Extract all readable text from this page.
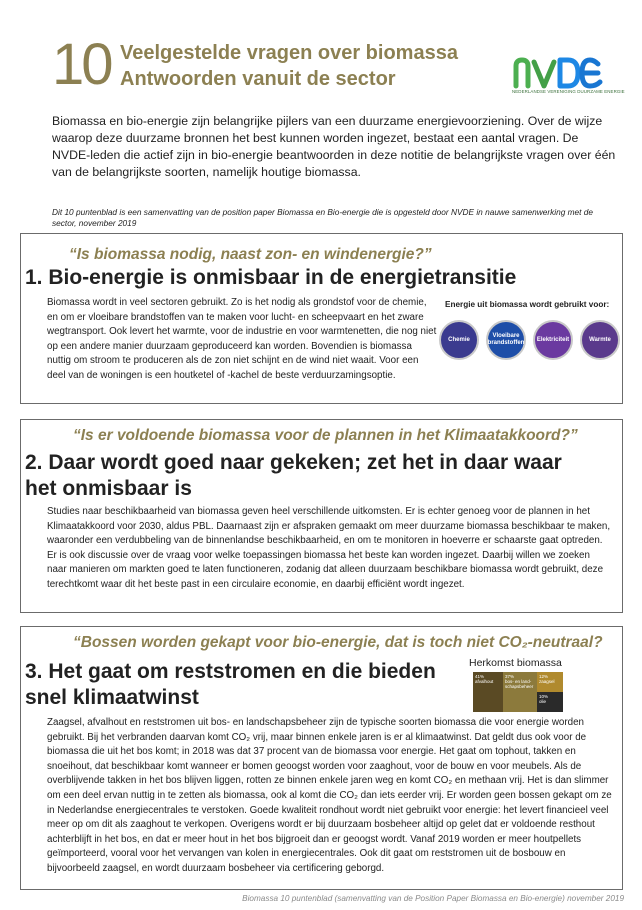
10 Veelgestelde vragen over biomassa
Antwoorden vanuit de sector
NEDERLANDSE VERENIGING DUURZAME ENERGIE

Biomassa en bio-energie zijn belangrijke pijlers van een duurzame energievoorziening. Over de wijze waarop deze duurzame bronnen het best kunnen worden ingezet, bestaat een aantal vragen. De NVDE-leden die actief zijn in bio-energie beantwoorden in deze notitie de belangrijkste vragen over één van de belangrijkste soorten, namelijk houtige biomassa.

Dit 10 puntenblad is een samenvatting van de position paper Biomassa en Bio-energie die is opgesteld door NVDE in nauwe samenwerking met de sector, november 2019

“Is biomassa nodig, naast zon- en windenergie?”
1. Bio-energie is onmisbaar in de energietransitie

Biomassa wordt in veel sectoren gebruikt. Zo is het nodig als grondstof voor de chemie, en om er vloeibare brandstoffen van te maken voor lucht- en scheepvaart en het zware wegtransport. Ook levert het warmte, voor de industrie en voor warmtenetten, die nog niet op een andere manier duurzaam geproduceerd kan worden. Bovendien is biomassa nuttig om stroom te produceren als de zon niet schijnt en de wind niet waait. Voor een deel van de woningen is een houtketel of -kachel de beste verduurzamingsoptie.

Energie uit biomassa wordt gebruikt voor:
Chemie
Vloeibare brandstoffen
Elektriciteit	Warmte
“Is er voldoende biomassa voor de plannen in het Klimaatakkoord?”
2. Daar wordt goed naar gekeken; zet het in daar waar het onmisbaar is

Studies naar beschikbaarheid van biomassa geven heel verschillende uitkomsten. Er is echter genoeg voor de plannen in het Klimaatakkoord voor 2030, aldus PBL. Daarnaast zijn er afspraken gemaakt om meer duurzame biomassa beschikbaar te maken, waaronder een verdubbeling van de binnenlandse beschikbaarheid, en om te monitoren in hoeverre er schaarste gaat optreden. Er is ook discussie over de vraag voor welke toepassingen biomassa het beste kan worden ingezet. Daarbij willen we zoeken naar manieren om markten goed te laten functioneren, zodanig dat alleen duurzaam beschikbare biomassa wordt gebruikt, deze terechtkomt waar dit het beste past in een circulaire economie, en daarbij efficiënt wordt ingezet.

“Bossen worden gekapt voor bio-energie, dat is toch niet CO₂-neutraal?
3. Het gaat om reststromen en die bieden snel klimaatwinst
Herkomst biomassa
41%
afvalhout
37%
bos- en land-schapsbeheer
12%
zaagsel
10%
olie

Zaagsel, afvalhout en reststromen uit bos- en landschapsbeheer zijn de typische soorten biomassa die voor energie worden gebruikt. Bij het verbranden daarvan komt CO₂ vrij, maar binnen enkele jaren is er al klimaatwinst. Dat geldt dus ook voor de biomassa die uit het bos komt; in 2018 was dat 37 procent van de biomassa voor energie. Het gaat om tophout, takken en snoeihout, dat beschikbaar komt wanneer er bomen geoogst worden voor zaaghout, voor de bouw en voor meubels. Als de overblijvende takken in het bos blijven liggen, rotten ze binnen enkele jaren weg en komt CO₂ en methaan vrij. Het is dan slimmer om een deel ervan nuttig in te zetten als biomassa, ook al komt die CO₂ dan iets eerder vrij. Er worden geen bossen gekapt om ze in Nederlandse energiecentrales te verstoken. Goede kwaliteit rondhout wordt niet gebruikt voor energie: het levert financieel veel meer op om dit als zaaghout te verkopen. Overigens wordt er bij duurzaam bosbeheer altijd op gelet dat er voldoende resthout achterblijft in het bos, en dat er meer hout in het bos bijgroeit dan er geoogst wordt. Vanaf 2019 worden er meer houtpellets geïmporteerd, vooral voor het vervangen van kolen in energiecentrales. Ook dit gaat om reststromen uit de bosbouw en bijvoorbeeld zaagsel, en wordt duurzaam bosbeheer via certificering geborgd.

Biomassa 10 puntenblad (samenvatting van de Position Paper Biomassa en Bio-energie) november 2019
